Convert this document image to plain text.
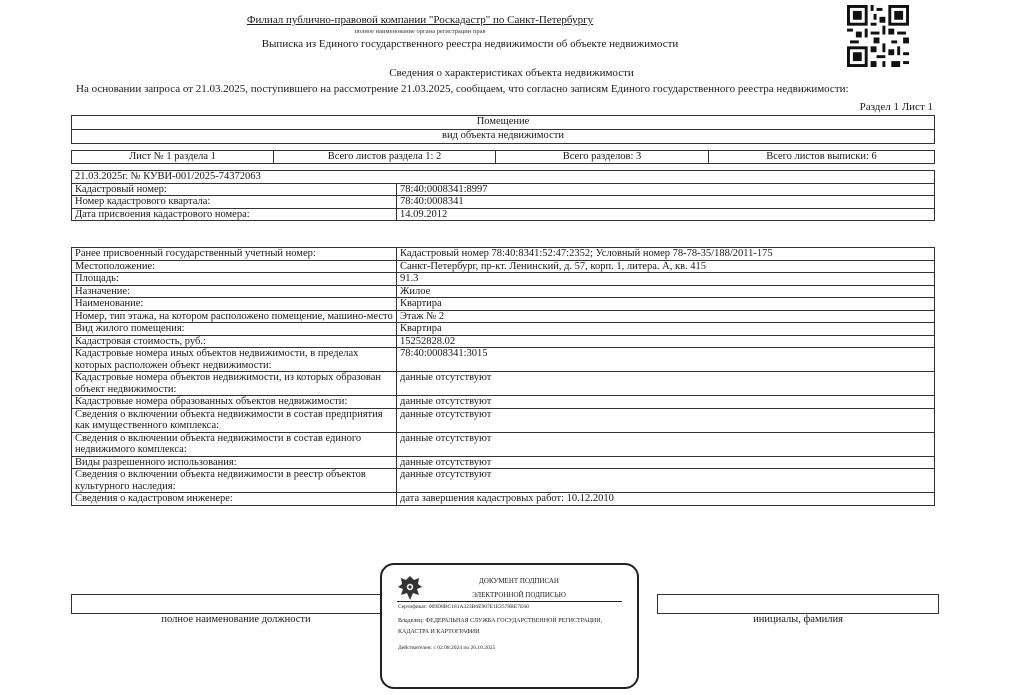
Филиал публично-правовой компании "Роскадастр" по Санкт-Петербургу
полное наименование органа регистрации прав
Выписка из Единого государственного реестра недвижимости об объекте недвижимости
Сведения о характеристиках объекта недвижимости
На основании запроса от 21.03.2025, поступившего на рассмотрение 21.03.2025, сообщаем, что согласно записям Единого государственного реестра недвижимости:
Раздел 1 Лист 1
Помещение
вид объекта недвижимости
Лист № 1 раздела 1	Всего листов раздела 1: 2	Всего разделов: 3	Всего листов выписки: 6
21.03.2025г. № КУВИ-001/2025-74372063	
Кадастровый номер:	78:40:0008341:8997
Номер кадастрового квартала:	78:40:0008341
Дата присвоения кадастрового номера:	14.09.2012
Ранее присвоенный государственный учетный номер:	Кадастровый номер 78:40:8341:52:47:2352; Условный номер 78-78-35/188/2011-175
Местоположение:	Санкт-Петербург, пр-кт. Ленинский, д. 57, корп. 1, литера. А, кв. 415
Площадь:	91.3
Назначение:	Жилое
Наименование:	Квартира
Номер, тип этажа, на котором расположено помещение, машино-место	Этаж № 2
Вид жилого помещения:	Квартира
Кадастровая стоимость, руб.:	15252828.02
Кадастровые номера иных объектов недвижимости, в пределах которых расположен объект недвижимости:	78:40:0008341:3015
Кадастровые номера объектов недвижимости, из которых образован объект недвижимости:	данные отсутствуют
Кадастровые номера образованных объектов недвижимости:	данные отсутствуют
Сведения о включении объекта недвижимости в состав предприятия как имущественного комплекса:	данные отсутствуют
Сведения о включении объекта недвижимости в состав единого недвижимого комплекса:	данные отсутствуют
Виды разрешенного использования:	данные отсутствуют
Сведения о включении объекта недвижимости в реестр объектов культурного наследия:	данные отсутствуют
Сведения о кадастровом инженере:	дата завершения кадастровых работ: 10.12.2010

полное наименование должности		инициалы, фамилия
ДОКУМЕНТ ПОДПИСАН
ЭЛЕКТРОННОЙ ПОДПИСЬЮ
Сертификат: 009D8BC181A323B6E907E1E2578BE7E60
Владелец: ФЕДЕРАЛЬНАЯ СЛУЖБА ГОСУДАРСТВЕННОЙ РЕГИСТРАЦИИ, КАДАСТРА И КАРТОГРАФИИ
Действителен: с 02.08.2024 по 26.10.2025
